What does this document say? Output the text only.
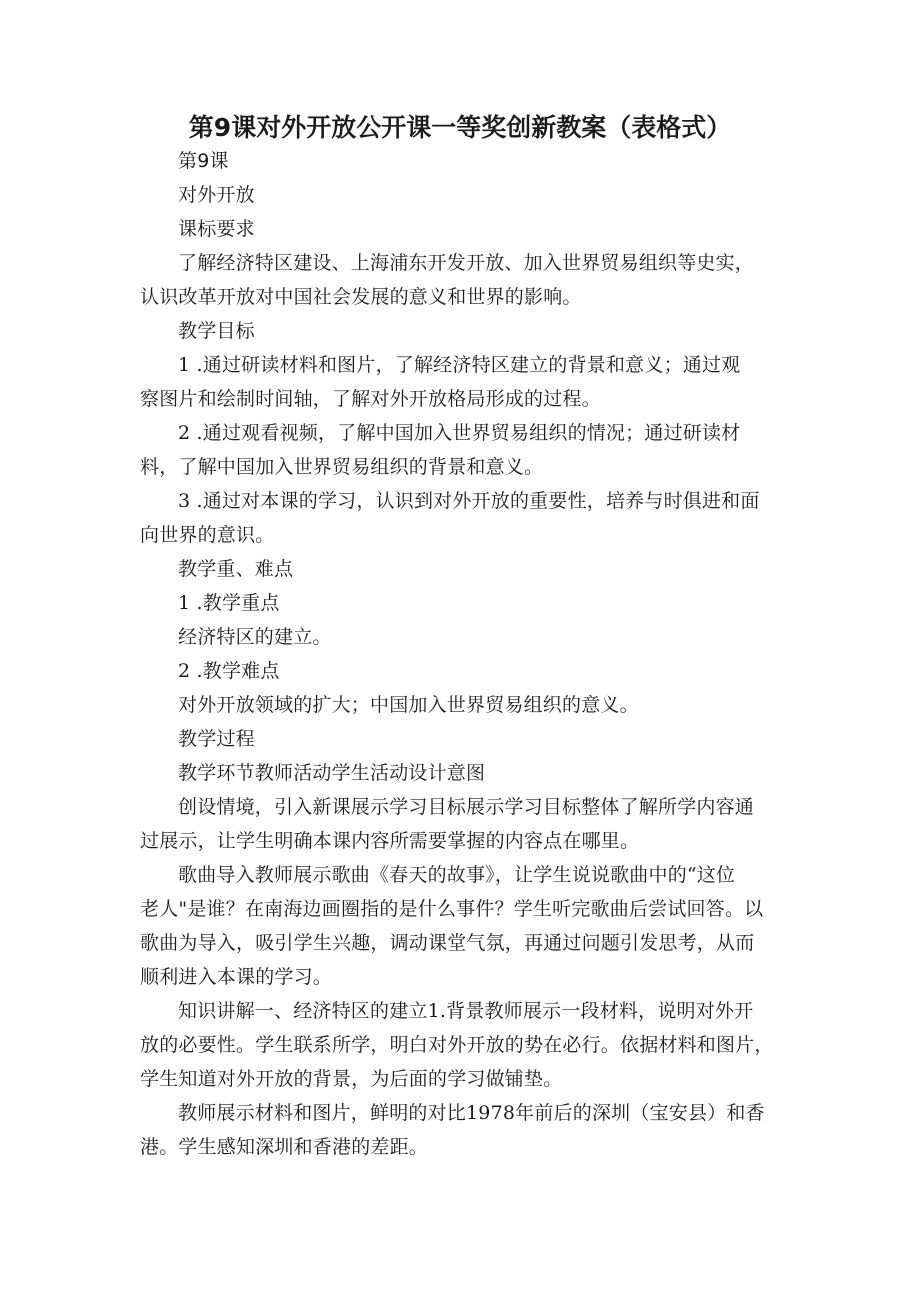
第9课对外开放公开课一等奖创新教案（表格式）
第9课
对外开放
课标要求
了解经济特区建设、上海浦东开发开放、加入世界贸易组织等史实，
认识改革开放对中国社会发展的意义和世界的影响。
教学目标
1 .通过研读材料和图片，了解经济特区建立的背景和意义；通过观
察图片和绘制时间轴，了解对外开放格局形成的过程。
2 .通过观看视频，了解中国加入世界贸易组织的情况；通过研读材
料，了解中国加入世界贸易组织的背景和意义。
3 .通过对本课的学习，认识到对外开放的重要性，培养与时俱进和面
向世界的意识。
教学重、难点
1 .教学重点
经济特区的建立。
2 .教学难点
对外开放领域的扩大；中国加入世界贸易组织的意义。
教学过程
教学环节教师活动学生活动设计意图
创设情境，引入新课展示学习目标展示学习目标整体了解所学内容通
过展示，让学生明确本课内容所需要掌握的内容点在哪里。
歌曲导入教师展示歌曲《春天的故事》，让学生说说歌曲中的“这位
老人"是谁？在南海边画圈指的是什么事件？学生听完歌曲后尝试回答。以
歌曲为导入，吸引学生兴趣，调动课堂气氛，再通过问题引发思考，从而
顺利进入本课的学习。
知识讲解一、经济特区的建立1.背景教师展示一段材料，说明对外开
放的必要性。学生联系所学，明白对外开放的势在必行。依据材料和图片，
学生知道对外开放的背景，为后面的学习做铺垫。
教师展示材料和图片，鲜明的对比1978年前后的深圳（宝安县）和香
港。学生感知深圳和香港的差距。
